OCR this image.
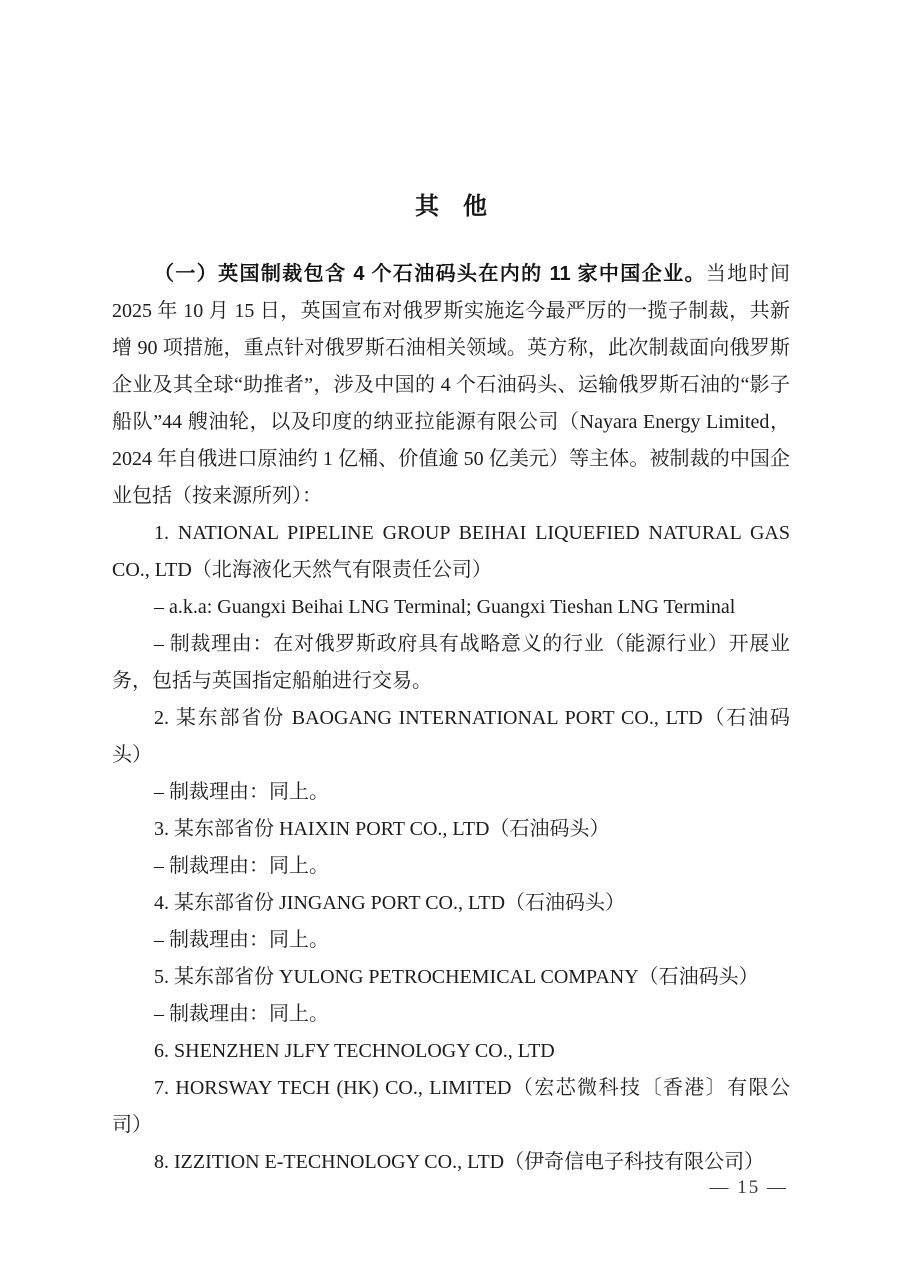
其　他

（一）英国制裁包含 4 个石油码头在内的 11 家中国企业。当地时间 2025 年 10 月 15 日，英国宣布对俄罗斯实施迄今最严厉的一揽子制裁，共新增 90 项措施，重点针对俄罗斯石油相关领域。英方称，此次制裁面向俄罗斯企业及其全球“助推者”，涉及中国的 4 个石油码头、运输俄罗斯石油的“影子船队”44 艘油轮，以及印度的纳亚拉能源有限公司（Nayara Energy Limited，2024 年自俄进口原油约 1 亿桶、价值逾 50 亿美元）等主体。被制裁的中国企业包括（按来源所列）：

1. NATIONAL PIPELINE GROUP BEIHAI LIQUEFIED NATURAL GAS CO., LTD（北海液化天然气有限责任公司）

– a.k.a: Guangxi Beihai LNG Terminal; Guangxi Tieshan LNG Terminal

– 制裁理由：在对俄罗斯政府具有战略意义的行业（能源行业）开展业务，包括与英国指定船舶进行交易。

2. 某东部省份 BAOGANG INTERNATIONAL PORT CO., LTD（石油码头）

– 制裁理由：同上。

3. 某东部省份 HAIXIN PORT CO., LTD（石油码头）

– 制裁理由：同上。

4. 某东部省份 JINGANG PORT CO., LTD（石油码头）

– 制裁理由：同上。

5. 某东部省份 YULONG PETROCHEMICAL COMPANY（石油码头）

– 制裁理由：同上。

6. SHENZHEN JLFY TECHNOLOGY CO., LTD

7. HORSWAY TECH (HK) CO., LIMITED（宏芯微科技〔香港〕有限公司）

8. IZZITION E-TECHNOLOGY CO., LTD（伊奇信电子科技有限公司）

— 15 —
